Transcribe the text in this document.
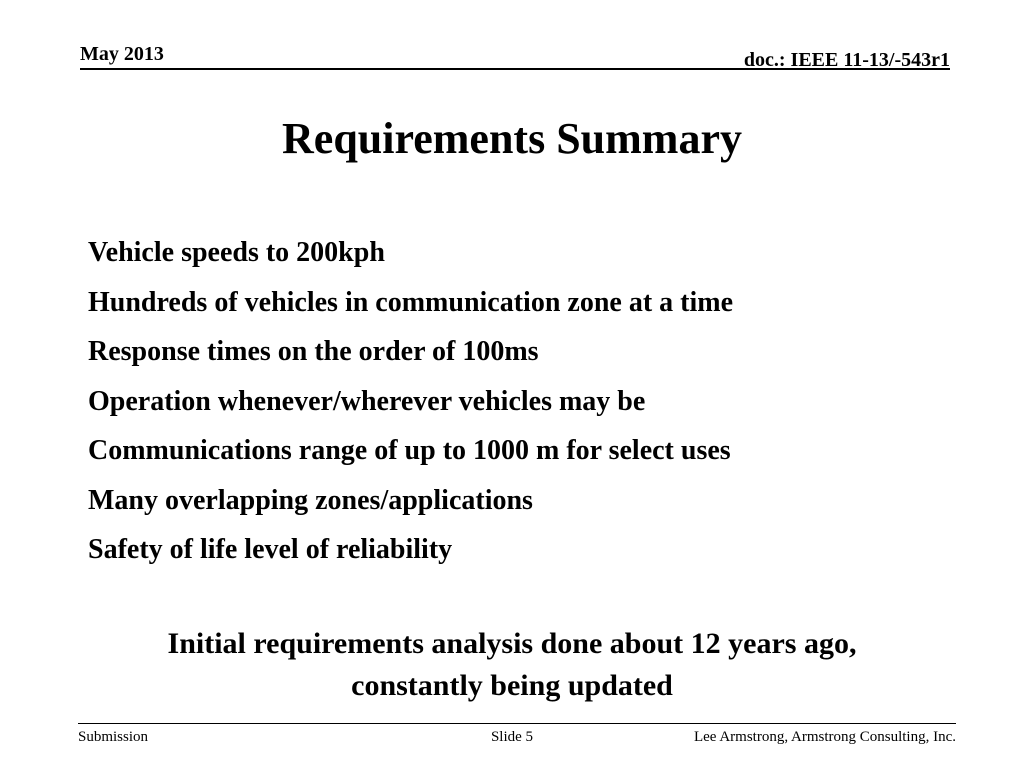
May 2013	doc.: IEEE 11-13/-543r1
Requirements Summary
Vehicle speeds to 200kph
Hundreds of vehicles in communication zone at a time
Response times on the order of 100ms
Operation whenever/wherever vehicles may be
Communications range of up to 1000 m for select uses
Many overlapping zones/applications
Safety of life level of reliability

Initial requirements analysis done about 12 years ago,
constantly being updated

Submission	Slide 5	Lee Armstrong, Armstrong Consulting, Inc.
